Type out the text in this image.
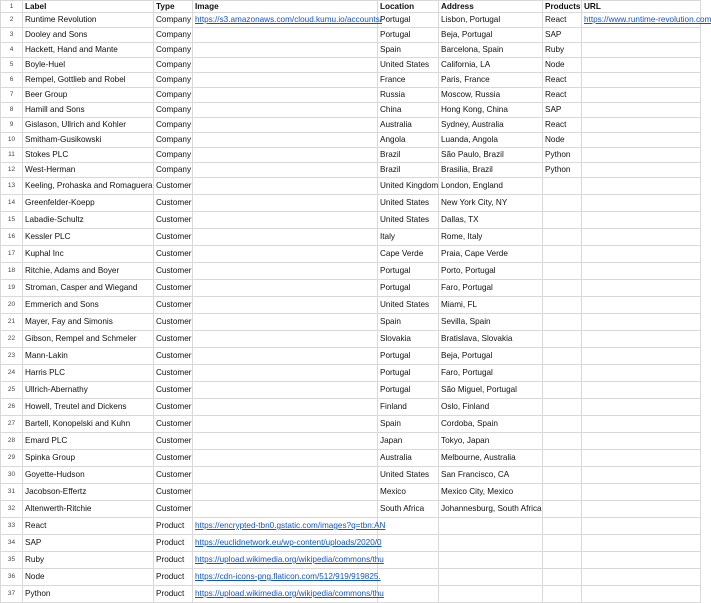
1	Label	Type	Image	Location	Address	Products	URL
2	Runtime Revolution	Company	https://s3.amazonaws.com/cloud.kumu.io/accounts/	Portugal	Lisbon, Portugal	React	https://www.runtime-revolution.com
3	Dooley and Sons	Company		Portugal	Beja, Portugal	SAP	
4	Hackett, Hand and Mante	Company		Spain	Barcelona, Spain	Ruby	
5	Boyle-Huel	Company		United States	California, LA	Node	
6	Rempel, Gottlieb and Robel	Company		France	Paris, France	React	
7	Beer Group	Company		Russia	Moscow, Russia	React	
8	Hamill and Sons	Company		China	Hong Kong, China	SAP	
9	Gislason, Ullrich and Kohler	Company		Australia	Sydney, Australia	React	
10	Smitham-Gusikowski	Company		Angola	Luanda, Angola	Node	
11	Stokes PLC	Company		Brazil	São Paulo, Brazil	Python	
12	West-Herman	Company		Brazil	Brasilia, Brazil	Python	
13	Keeling, Prohaska and Romaguera	Customer		United Kingdom	London, England		
14	Greenfelder-Koepp	Customer		United States	New York City, NY		
15	Labadie-Schultz	Customer		United States	Dallas, TX		
16	Kessler PLC	Customer		Italy	Rome, Italy		
17	Kuphal Inc	Customer		Cape Verde	Praia, Cape Verde		
18	Ritchie, Adams and Boyer	Customer		Portugal	Porto, Portugal		
19	Stroman, Casper and Wiegand	Customer		Portugal	Faro, Portugal		
20	Emmerich and Sons	Customer		United States	Miami, FL		
21	Mayer, Fay and Simonis	Customer		Spain	Sevilla, Spain		
22	Gibson, Rempel and Schmeler	Customer		Slovakia	Bratislava, Slovakia		
23	Mann-Lakin	Customer		Portugal	Beja, Portugal		
24	Harris PLC	Customer		Portugal	Faro, Portugal		
25	Ullrich-Abernathy	Customer		Portugal	São Miguel, Portugal		
26	Howell, Treutel and Dickens	Customer		Finland	Oslo, Finland		
27	Bartell, Konopelski and Kuhn	Customer		Spain	Cordoba, Spain		
28	Emard PLC	Customer		Japan	Tokyo, Japan		
29	Spinka Group	Customer		Australia	Melbourne, Australia		
30	Goyette-Hudson	Customer		United States	San Francisco, CA		
31	Jacobson-Effertz	Customer		Mexico	Mexico City, Mexico		
32	Altenwerth-Ritchie	Customer		South Africa	Johannesburg, South Africa		
33	React	Product	https://encrypted-tbn0.gstatic.com/images?q=tbn:AN				
34	SAP	Product	https://euclidnetwork.eu/wp-content/uploads/2020/0				
35	Ruby	Product	https://upload.wikimedia.org/wikipedia/commons/thu				
36	Node	Product	https://cdn-icons-png.flaticon.com/512/919/919825.				
37	Python	Product	https://upload.wikimedia.org/wikipedia/commons/thu				
